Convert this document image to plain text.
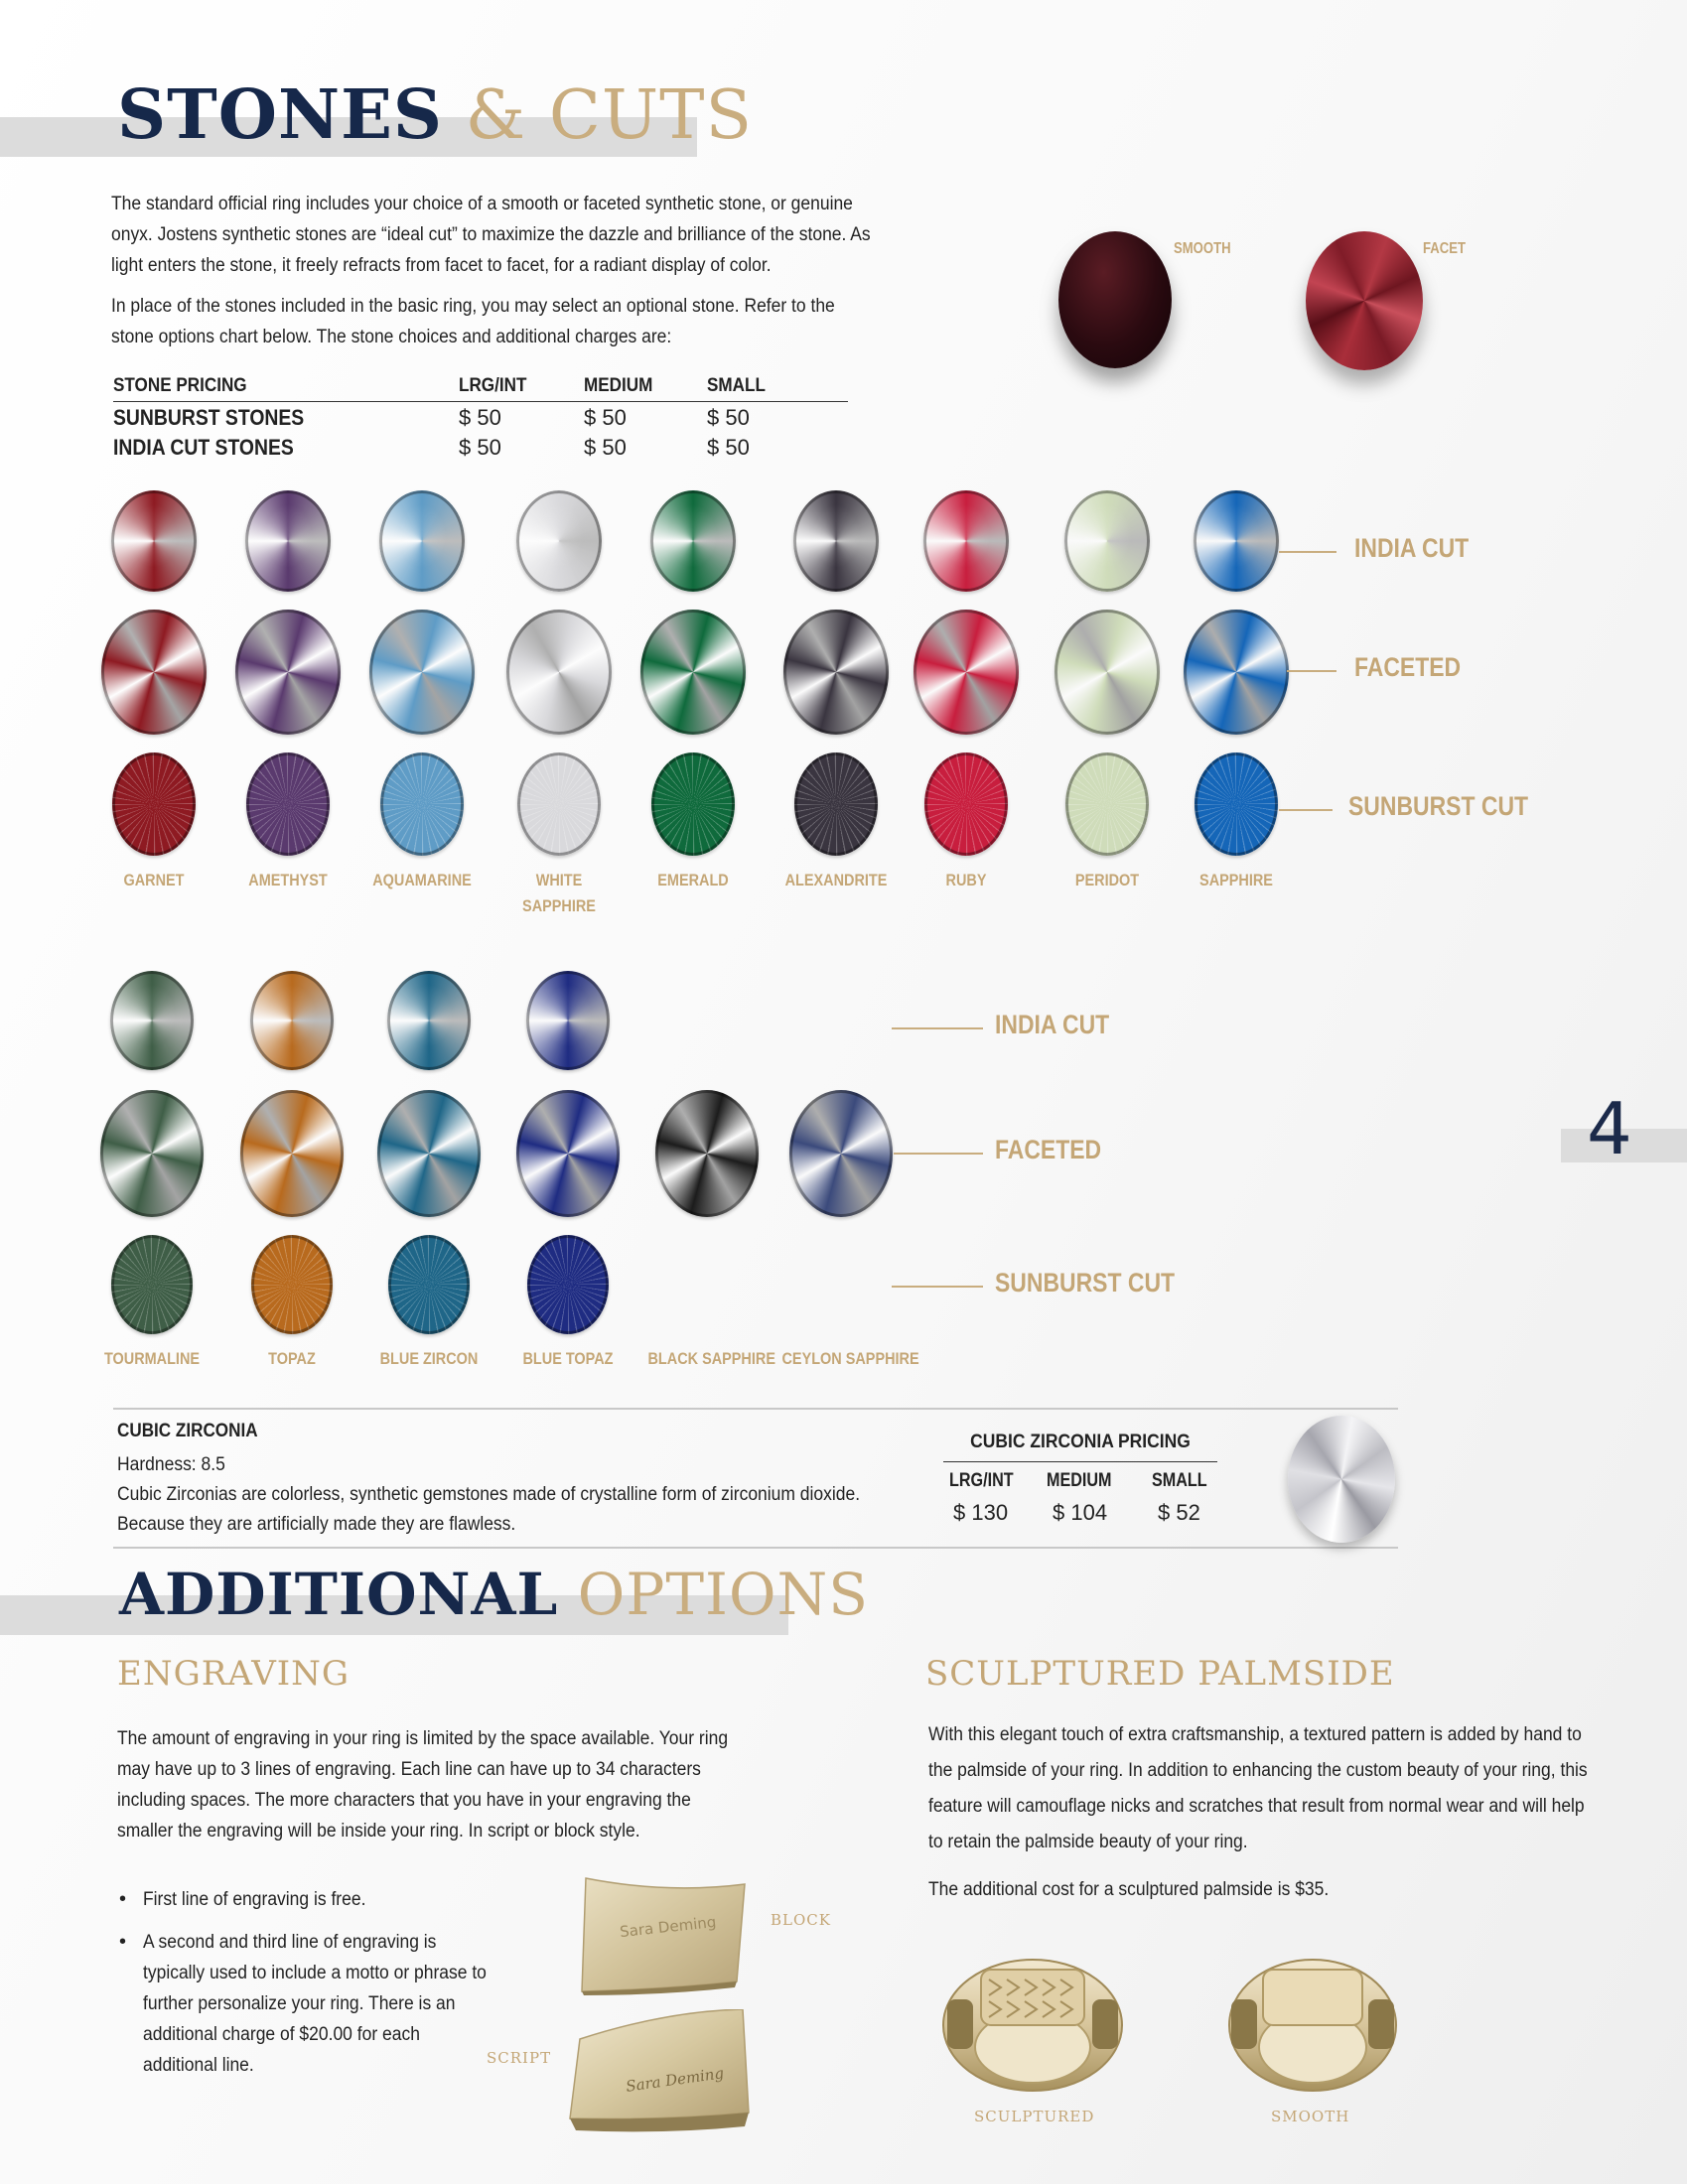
STONES & CUTS
The standard official ring includes your choice of a smooth or faceted synthetic stone, or genuine onyx. Jostens synthetic stones are “ideal cut” to maximize the dazzle and brilliance of the stone. As light enters the stone, it freely refracts from facet to facet, for a radiant display of color.
In place of the stones included in the basic ring, you may select an optional stone. Refer to the stone options chart below. The stone choices and additional charges are:
SMOOTH	FACET
STONE PRICING	LRG/INT	MEDIUM	SMALL
SUNBURST STONES	$ 50	$ 50	$ 50
INDIA CUT STONES	$ 50	$ 50	$ 50
GARNET	AMETHYST	AQUAMARINE	WHITE SAPPHIRE
EMERALD	ALEXANDRITE	RUBY	PERIDOT	SAPPHIRE
INDIA CUT
FACETED
SUNBURST CUT
TOURMALINE	TOPAZ	BLUE ZIRCON	BLUE TOPAZ	BLACK SAPPHIRE CEYLON SAPPHIRE
INDIA CUT
FACETED
SUNBURST CUT
4
CUBIC ZIRCONIA
Hardness: 8.5
Cubic Zirconias are colorless, synthetic gemstones made of crystalline form of zirconium dioxide.
Because they are artificially made they are flawless.
CUBIC ZIRCONIA PRICING
LRG/INT MEDIUM SMALL
$ 130 $ 104 $ 52
ADDITIONAL OPTIONS
ENGRAVING
The amount of engraving in your ring is limited by the space available. Your ring may have up to 3 lines of engraving. Each line can have up to 34 characters including spaces. The more characters that you have in your engraving the smaller the engraving will be inside your ring. In script or block style.
• First line of engraving is free.
• A second and third line of engraving is typically used to include a motto or phrase to further personalize your ring. There is an additional charge of $20.00 for each additional line.
Sara Deming	BLOCK
Sara Deming
SCRIPT
SCULPTURED PALMSIDE
With this elegant touch of extra craftsmanship, a textured pattern is added by hand to the palmside of your ring. In addition to enhancing the custom beauty of your ring, this feature will camouflage nicks and scratches that result from normal wear and will help to retain the palmside beauty of your ring.
The additional cost for a sculptured palmside is $35.
SCULPTURED	SMOOTH
